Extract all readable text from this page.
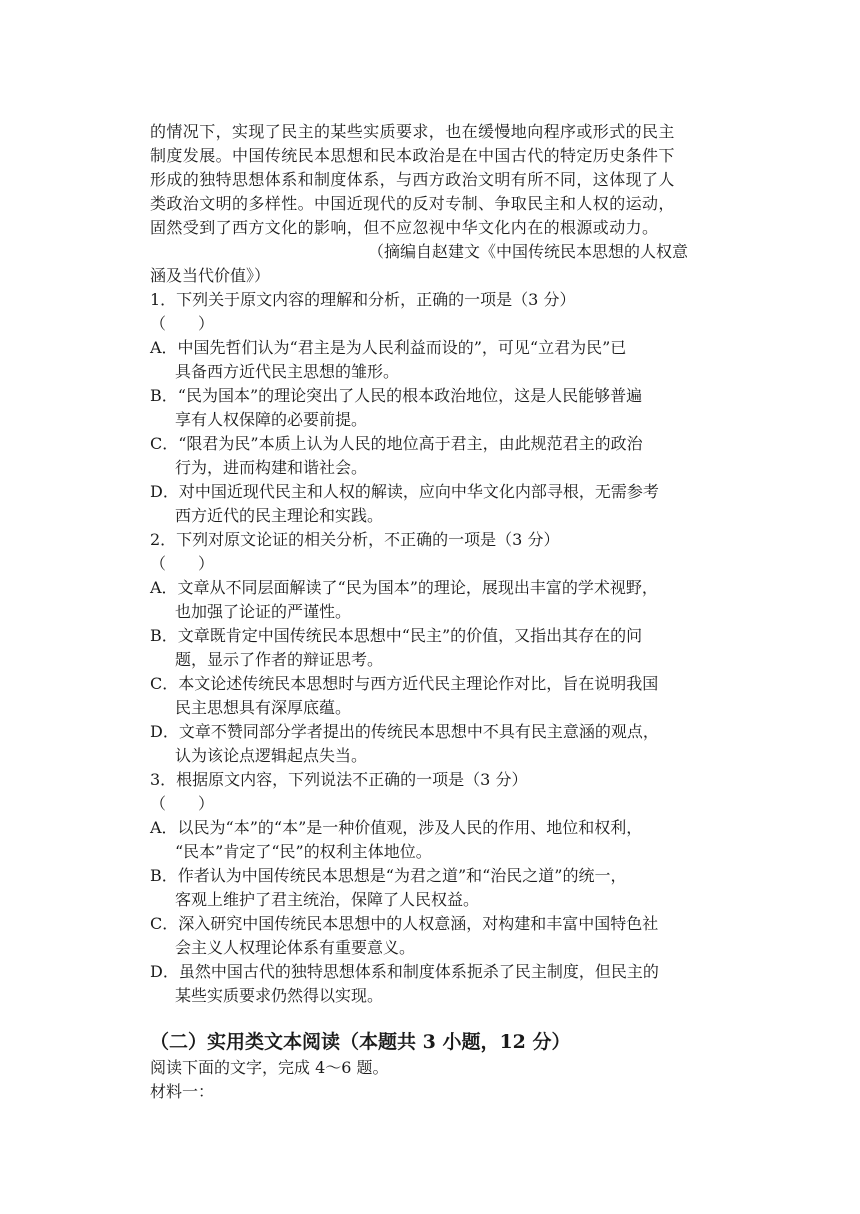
的情况下，实现了民主的某些实质要求，也在缓慢地向程序或形式的民主
制度发展。中国传统民本思想和民本政治是在中国古代的特定历史条件下
形成的独特思想体系和制度体系，与西方政治文明有所不同，这体现了人
类政治文明的多样性。中国近现代的反对专制、争取民主和人权的运动，
固然受到了西方文化的影响，但不应忽视中华文化内在的根源或动力。
（摘编自赵建文《中国传统民本思想的人权意
涵及当代价值》）
1．下列关于原文内容的理解和分析，正确的一项是（3 分）
（　　）
A．中国先哲们认为“君主是为人民利益而设的”，可见“立君为民”已
具备西方近代民主思想的雏形。
B．“民为国本”的理论突出了人民的根本政治地位，这是人民能够普遍
享有人权保障的必要前提。
C．“限君为民”本质上认为人民的地位高于君主，由此规范君主的政治
行为，进而构建和谐社会。
D．对中国近现代民主和人权的解读，应向中华文化内部寻根，无需参考
西方近代的民主理论和实践。
2．下列对原文论证的相关分析，不正确的一项是（3 分）
（　　）
A．文章从不同层面解读了“民为国本”的理论，展现出丰富的学术视野，
也加强了论证的严谨性。
B．文章既肯定中国传统民本思想中“民主”的价值，又指出其存在的问
题，显示了作者的辩证思考。
C．本文论述传统民本思想时与西方近代民主理论作对比，旨在说明我国
民主思想具有深厚底蕴。
D．文章不赞同部分学者提出的传统民本思想中不具有民主意涵的观点，
认为该论点逻辑起点失当。
3．根据原文内容，下列说法不正确的一项是（3 分）
（　　）
A．以民为“本”的“本”是一种价值观，涉及人民的作用、地位和权利，
“民本”肯定了“民”的权利主体地位。
B．作者认为中国传统民本思想是“为君之道”和“治民之道”的统一，
客观上维护了君主统治，保障了人民权益。
C．深入研究中国传统民本思想中的人权意涵，对构建和丰富中国特色社
会主义人权理论体系有重要意义。
D．虽然中国古代的独特思想体系和制度体系扼杀了民主制度，但民主的
某些实质要求仍然得以实现。
（二）实用类文本阅读（本题共 3 小题，12 分）
阅读下面的文字，完成 4～6 题。
材料一：
